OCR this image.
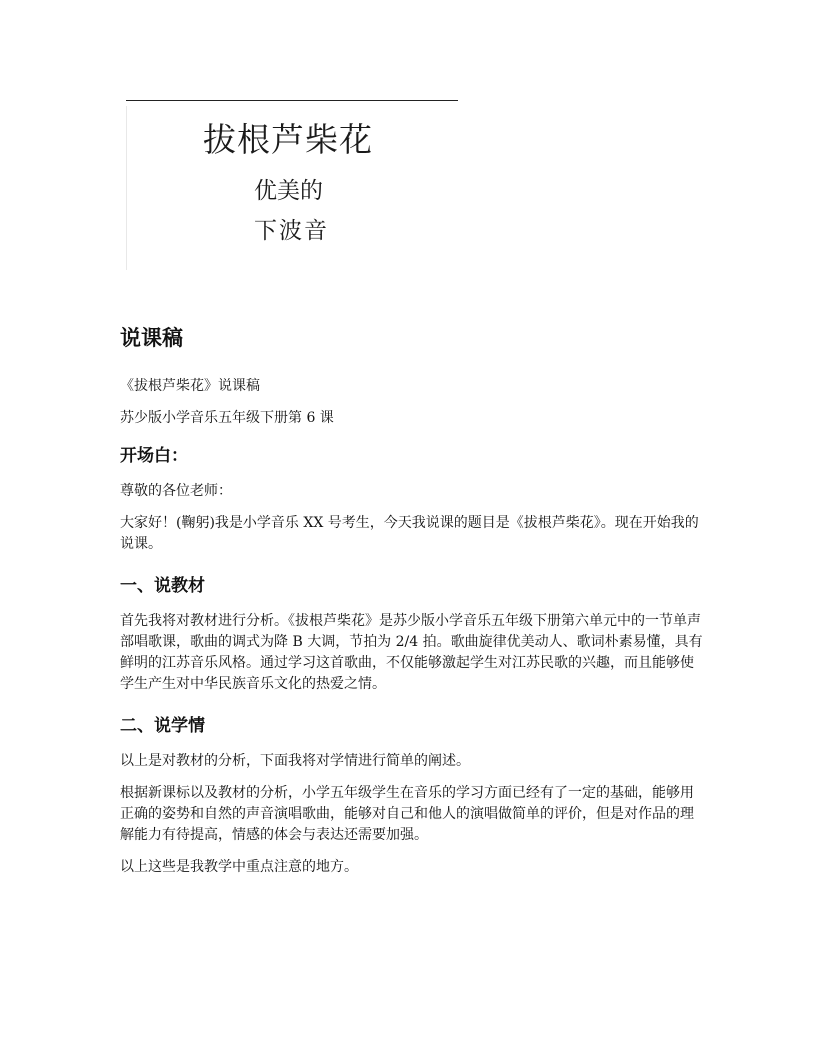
拔根芦柴花
优美的
下波音
说课稿

《拔根芦柴花》说课稿

苏少版小学音乐五年级下册第 6 课

开场白：

尊敬的各位老师：

大家好！(鞠躬)我是小学音乐 XX 号考生，今天我说课的题目是《拔根芦柴花》。现在开始我的说课。

一、说教材

首先我将对教材进行分析。《拔根芦柴花》是苏少版小学音乐五年级下册第六单元中的一节单声部唱歌课，歌曲的调式为降 B 大调，节拍为 2/4 拍。歌曲旋律优美动人、歌词朴素易懂，具有鲜明的江苏音乐风格。通过学习这首歌曲，不仅能够激起学生对江苏民歌的兴趣，而且能够使学生产生对中华民族音乐文化的热爱之情。

二、说学情

以上是对教材的分析，下面我将对学情进行简单的阐述。

根据新课标以及教材的分析，小学五年级学生在音乐的学习方面已经有了一定的基础，能够用正确的姿势和自然的声音演唱歌曲，能够对自己和他人的演唱做简单的评价，但是对作品的理解能力有待提高，情感的体会与表达还需要加强。

以上这些是我教学中重点注意的地方。
